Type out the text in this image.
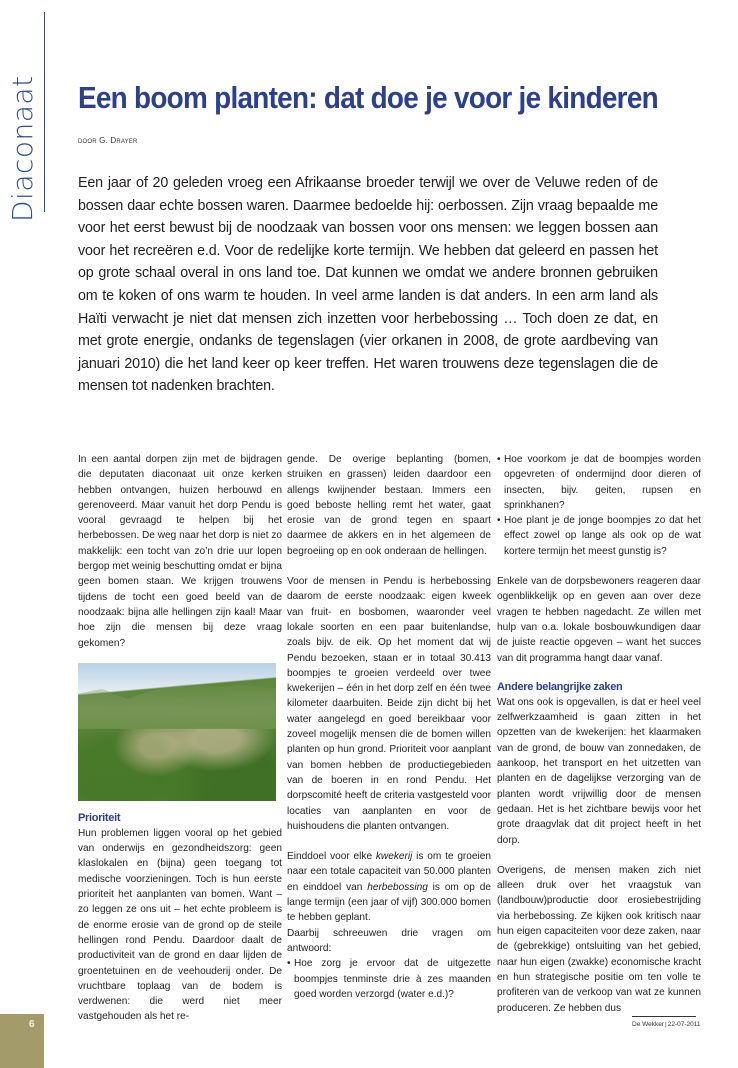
Diaconaat Een boom planten: dat doe je voor je kinderen
door G. Drayer

Een jaar of 20 geleden vroeg een Afrikaanse broeder terwijl we over de Veluwe reden of de bossen daar echte bossen waren. Daarmee bedoelde hij: oerbossen. Zijn vraag bepaalde me voor het eerst bewust bij de noodzaak van bossen voor ons mensen: we leggen bossen aan voor het recreëren e.d. Voor de redelijke korte termijn. We hebben dat geleerd en passen het op grote schaal overal in ons land toe. Dat kunnen we omdat we andere bronnen gebruiken om te koken of ons warm te houden. In veel arme landen is dat anders. In een arm land als Haïti verwacht je niet dat mensen zich inzetten voor herbebossing … Toch doen ze dat, en met grote energie, ondanks de tegenslagen (vier orkanen in 2008, de grote aardbeving van januari 2010) die het land keer op keer treffen. Het waren trouwens deze tegenslagen die de mensen tot nadenken brachten.

In een aantal dorpen zijn met de bijdragen die deputaten diaconaat uit onze kerken hebben ontvangen, huizen herbouwd en gerenoveerd. Maar vanuit het dorp Pendu is vooral gevraagd te helpen bij het herbebossen. De weg naar het dorp is niet zo makkelijk: een tocht van zo’n drie uur lopen bergop met weinig beschutting omdat er bijna geen bomen staan. We krijgen trouwens tijdens de tocht een goed beeld van de noodzaak: bijna alle hellingen zijn kaal! Maar hoe zijn die mensen bij deze vraag gekomen?

Prioriteit

Hun problemen liggen vooral op het gebied van onderwijs en gezondheidszorg: geen klaslokalen en (bijna) geen toegang tot medische voorzieningen. Toch is hun eerste prioriteit het aanplanten van bomen. Want – zo leggen ze ons uit – het echte probleem is de enorme erosie van de grond op de steile hellingen rond Pendu. Daardoor daalt de productiviteit van de grond en daar lijden de groentetuinen en de veehouderij onder. De vruchtbare toplaag van de bodem is verdwenen: die werd niet meer vastgehouden als het re-

gende. De overige beplanting (bomen, struiken en grassen) leiden daardoor een allengs kwijnender bestaan. Immers een goed beboste helling remt het water, gaat erosie van de grond tegen en spaart daarmee de akkers en in het algemeen de begroeiing op en ook onderaan de hellingen.

Voor de mensen in Pendu is herbebossing daarom de eerste noodzaak: eigen kweek van fruit- en bosbomen, waaronder veel lokale soorten en een paar buitenlandse, zoals bijv. de eik. Op het moment dat wij Pendu bezoeken, staan er in totaal 30.413 boompjes te groeien verdeeld over twee kwekerijen – één in het dorp zelf en één twee kilometer daarbuiten. Beide zijn dicht bij het water aangelegd en goed bereikbaar voor zoveel mogelijk mensen die de bomen willen planten op hun grond. Prioriteit voor aanplant van bomen hebben de productiegebieden van de boeren in en rond Pendu. Het dorpscomité heeft de criteria vastgesteld voor locaties van aanplanten en voor de huishoudens die planten ontvangen.

Einddoel voor elke kwekerij is om te groeien naar een totale capaciteit van 50.000 planten en einddoel van herbebossing is om op de lange termijn (een jaar of vijf) 300.000 bomen te hebben geplant.

Daarbij schreeuwen drie vragen om antwoord:

• Hoe zorg je ervoor dat de uitgezette boompjes tenminste drie à zes maanden goed worden verzorgd (water e.d.)?
• Hoe voorkom je dat de boompjes worden opgevreten of ondermijnd door dieren of insecten, bijv. geiten, rupsen en sprinkhanen?
• Hoe plant je de jonge boompjes zo dat het effect zowel op lange als ook op de wat kortere termijn het meest gunstig is?

Enkele van de dorpsbewoners reageren daar ogenblikkelijk op en geven aan over deze vragen te hebben nagedacht. Ze willen met hulp van o.a. lokale bosbouwkundigen daar de juiste reactie opgeven – want het succes van dit programma hangt daar vanaf.

Andere belangrijke zaken

Wat ons ook is opgevallen, is dat er heel veel zelfwerkzaamheid is gaan zitten in het opzetten van de kwekerijen: het klaarmaken van de grond, de bouw van zonnedaken, de aankoop, het transport en het uitzetten van planten en de dagelijkse verzorging van de planten wordt vrijwillig door de mensen gedaan. Het is het zichtbare bewijs voor het grote draagvlak dat dit project heeft in het dorp.

Overigens, de mensen maken zich niet alleen druk over het vraagstuk van (landbouw)productie door erosiebestrijding via herbebossing. Ze kijken ook kritisch naar hun eigen capaciteiten voor deze zaken, naar de (gebrekkige) ontsluiting van het gebied, naar hun eigen (zwakke) economische kracht en hun strategische positie om ten volle te profiteren van de verkoop van wat ze kunnen produceren. Ze hebben dus

6	De Wekker|22-07-2011
